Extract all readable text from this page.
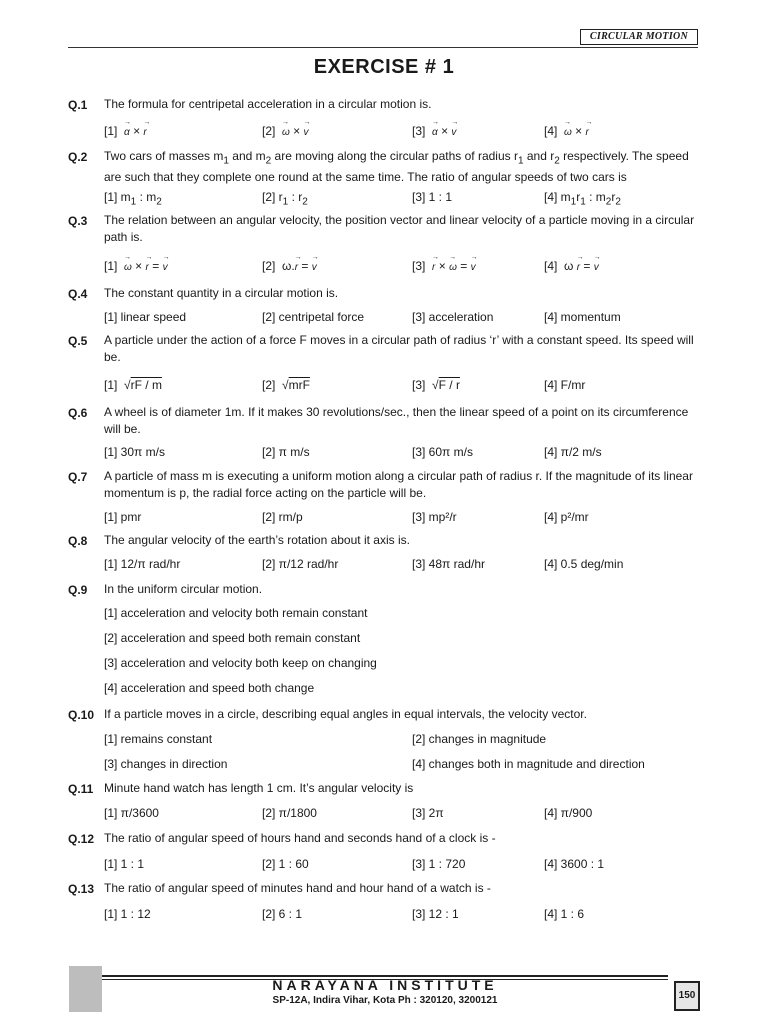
CIRCULAR MOTION
EXERCISE # 1
Q.1 The formula for centripetal acceleration in a circular motion is.
[1] → α × → r	[2] → ω × → v	[3] → α × → v	[4] → ω × → r
Q.2 Two cars of masses $m_1$ and $m_2$ are moving along the circular paths of radius $r_1$ and $r_2$ respectively. The speed are such that they complete one round at the same time. The ratio of angular speeds of two cars is
[1] $m_1$ : $m_2$	[2] $r_1$ : $r_2$	[3] 1 : 1	[4] $m_1r_1$ : $m_2r_2$
Q.3 The relation between an angular velocity, the position vector and linear velocity of a particle moving in a circular path is.
[1] → ω × → r = → v	[2] ω.→ r = → v	[3] → r × → ω = → v	[4] ω → r = → v
Q.4 The constant quantity in a circular motion is.
[1] linear speed	[2] centripetal force	[3] acceleration	[4] momentum
Q.5 A particle under the action of a force F moves in a circular path of radius ‘r’ with a constant speed. Its speed will be.
[1]  √rF / m	[2]  √mrF	[3]  √F / r	[4] F/mr
Q.6 A wheel is of diameter 1m. If it makes 30 revolutions/sec., then the linear speed of a point on its circumference will be.
[1] 30π m/s	[2] π m/s	[3] 60π m/s	[4] π/2 m/s
Q.7 A particle of mass m is executing a uniform motion along a circular path of radius r. If the magnitude of its linear momentum is p, the radial force acting on the particle will be.
[1] pmr	[2] rm/p	[3] mp²/r	[4] p²/mr
Q.8 The angular velocity of the earth’s rotation about it axis is.
[1] 12/π rad/hr	[2] π/12 rad/hr	[3] 48π rad/hr	[4] 0.5 deg/min
Q.9 In the uniform circular motion.
[1] acceleration and velocity both remain constant
[2] acceleration and speed both remain constant
[3] acceleration and velocity both keep on changing
[4] acceleration and speed both change
Q.10 If a particle moves in a circle, describing equal angles in equal intervals, the velocity vector.
[1] remains constant	[2] changes in magnitude
[3] changes in direction	[4] changes both in magnitude and direction
Q.11 Minute hand watch has length 1 cm. It’s angular velocity is
[1] π/3600	[2] π/1800	[3] 2π	[4] π/900
Q.12 The ratio of angular speed of hours hand and seconds hand of a clock is -
[1] 1 : 1	[2] 1 : 60	[3] 1 : 720	[4] 3600 : 1
Q.13 The ratio of angular speed of minutes hand and hour hand of a watch is -
[1] 1 : 12	[2] 6 : 1	[3] 12 : 1	[4] 1 : 6
NARAYANA INSTITUTE
SP-12A, Indira Vihar, Kota Ph : 320120, 3200121	150
